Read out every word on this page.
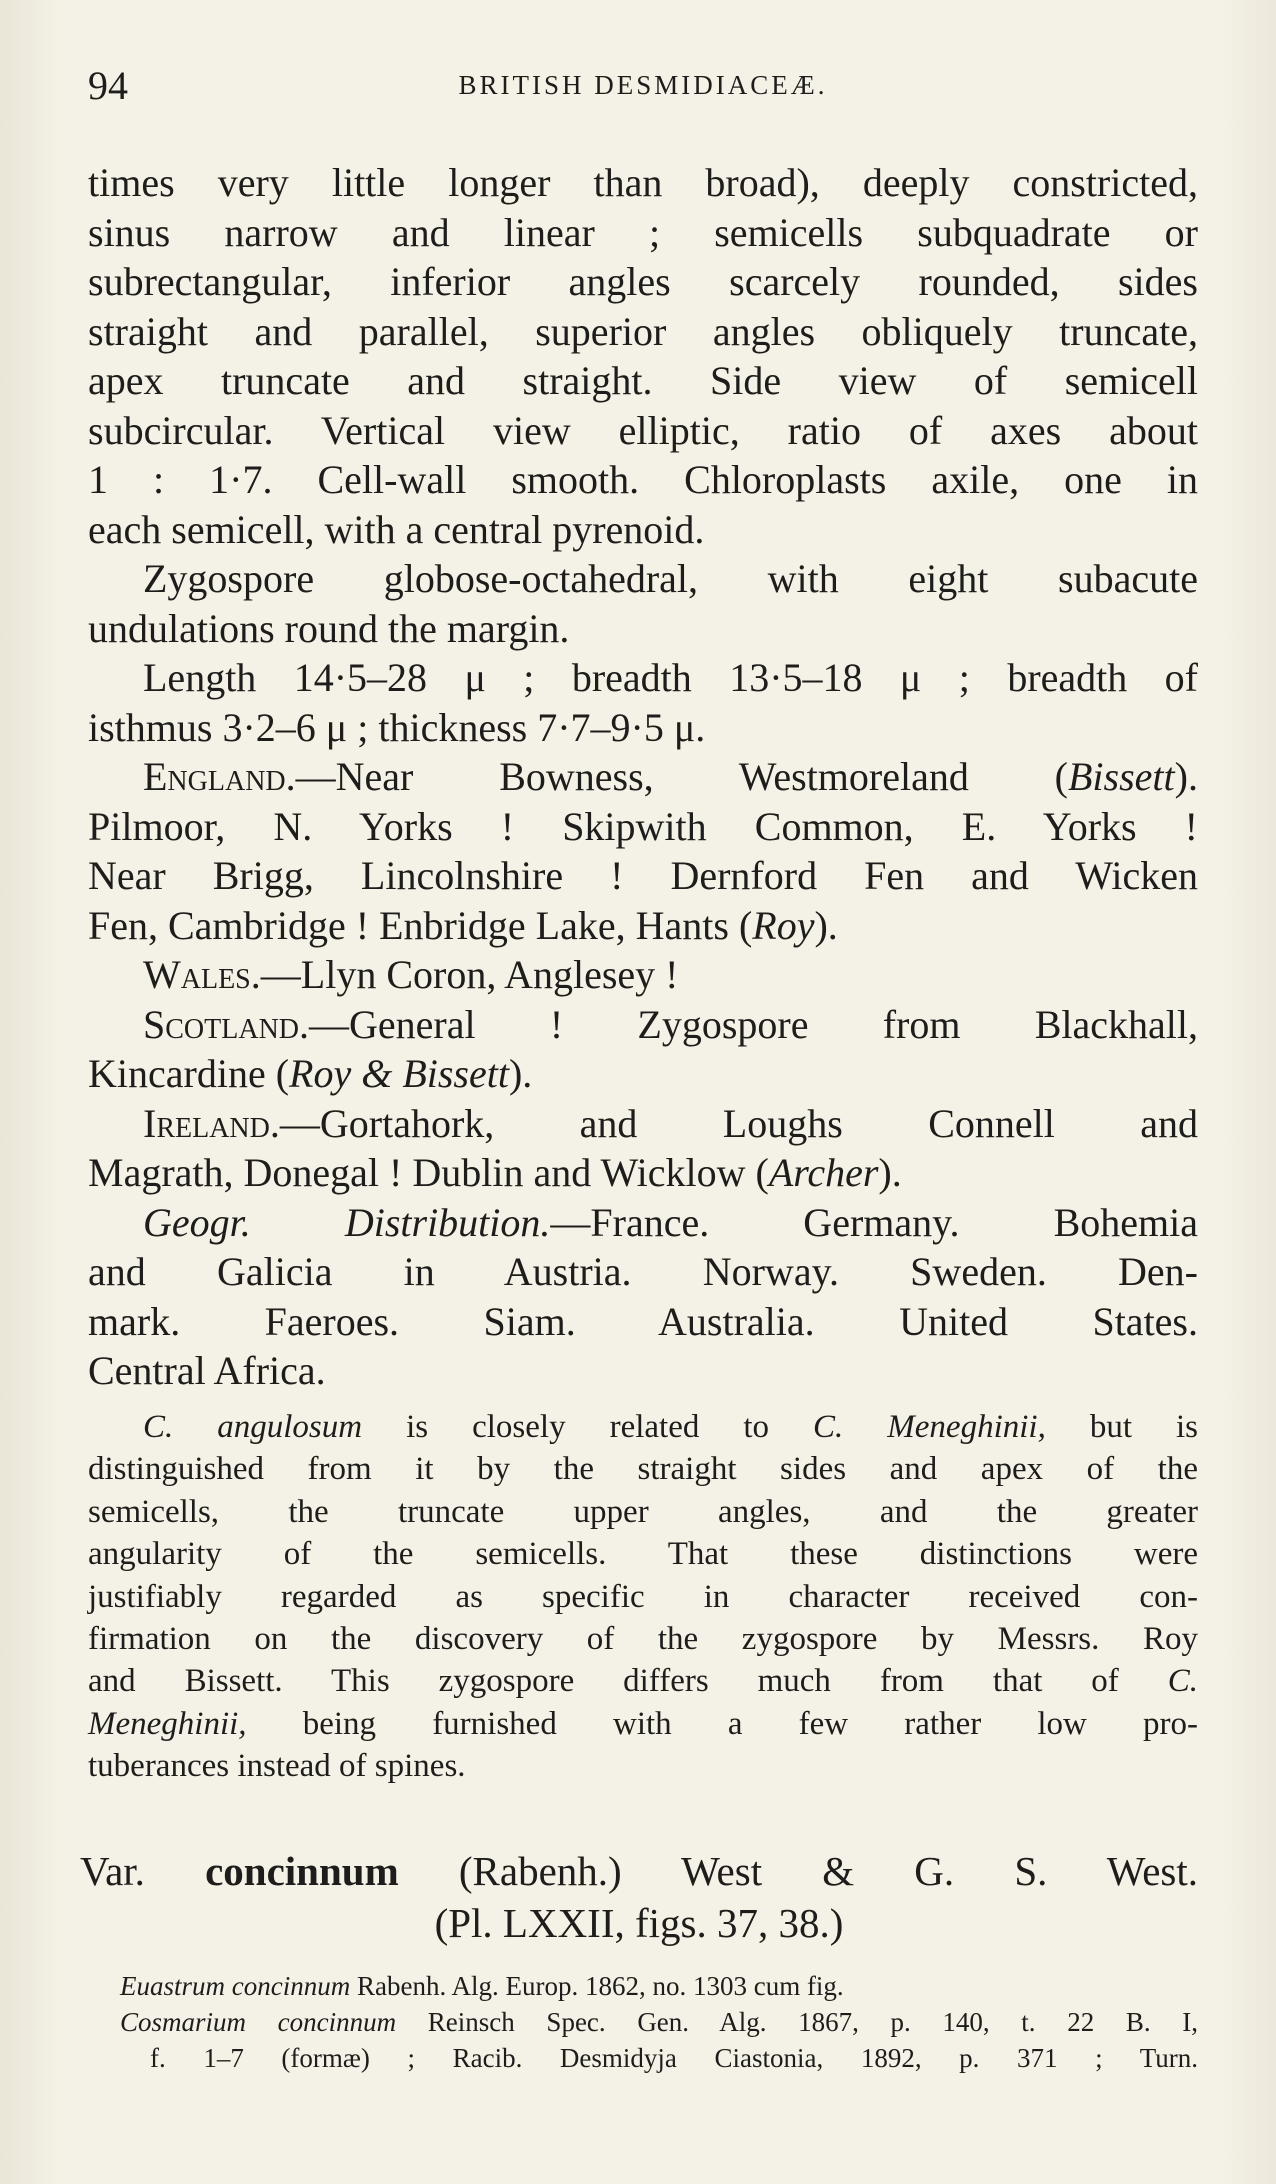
94	BRITISH DESMIDIACEÆ.
times very little longer than broad), deeply constricted,
sinus narrow and linear ; semicells subquadrate or
subrectangular, inferior angles scarcely rounded, sides
straight and parallel, superior angles obliquely truncate,
apex truncate and straight. Side view of semicell
subcircular. Vertical view elliptic, ratio of axes about
1 : 1·7. Cell-wall smooth. Chloroplasts axile, one in
each semicell, with a central pyrenoid.
Zygospore globose-octahedral, with eight subacute
undulations round the margin.
Length 14·5–28 μ ; breadth 13·5–18 μ ; breadth of
isthmus 3·2–6 μ ; thickness 7·7–9·5 μ.
England.—Near Bowness, Westmoreland (Bissett).
Pilmoor, N. Yorks ! Skipwith Common, E. Yorks !
Near Brigg, Lincolnshire ! Dernford Fen and Wicken
Fen, Cambridge ! Enbridge Lake, Hants (Roy).
Wales.—Llyn Coron, Anglesey !
Scotland.—General ! Zygospore from Blackhall,
Kincardine (Roy & Bissett).
Ireland.—Gortahork, and Loughs Connell and
Magrath, Donegal ! Dublin and Wicklow (Archer).
Geogr. Distribution.—France. Germany. Bohemia
and Galicia in Austria. Norway. Sweden. Den-
mark. Faeroes. Siam. Australia. United States.
Central Africa.
C. angulosum is closely related to C. Meneghinii, but is
distinguished from it by the straight sides and apex of the
semicells, the truncate upper angles, and the greater
angularity of the semicells. That these distinctions were
justifiably regarded as specific in character received con-
firmation on the discovery of the zygospore by Messrs. Roy
and Bissett. This zygospore differs much from that of C.
Meneghinii, being furnished with a few rather low pro-
tuberances instead of spines.
Var. concinnum (Rabenh.) West & G. S. West.
(Pl. LXXII, figs. 37, 38.)
Euastrum concinnum Rabenh. Alg. Europ. 1862, no. 1303 cum fig.
Cosmarium concinnum Reinsch Spec. Gen. Alg. 1867, p. 140, t. 22 B. I,
f. 1–7 (formæ) ; Racib. Desmidyja Ciastonia, 1892, p. 371 ; Turn.
